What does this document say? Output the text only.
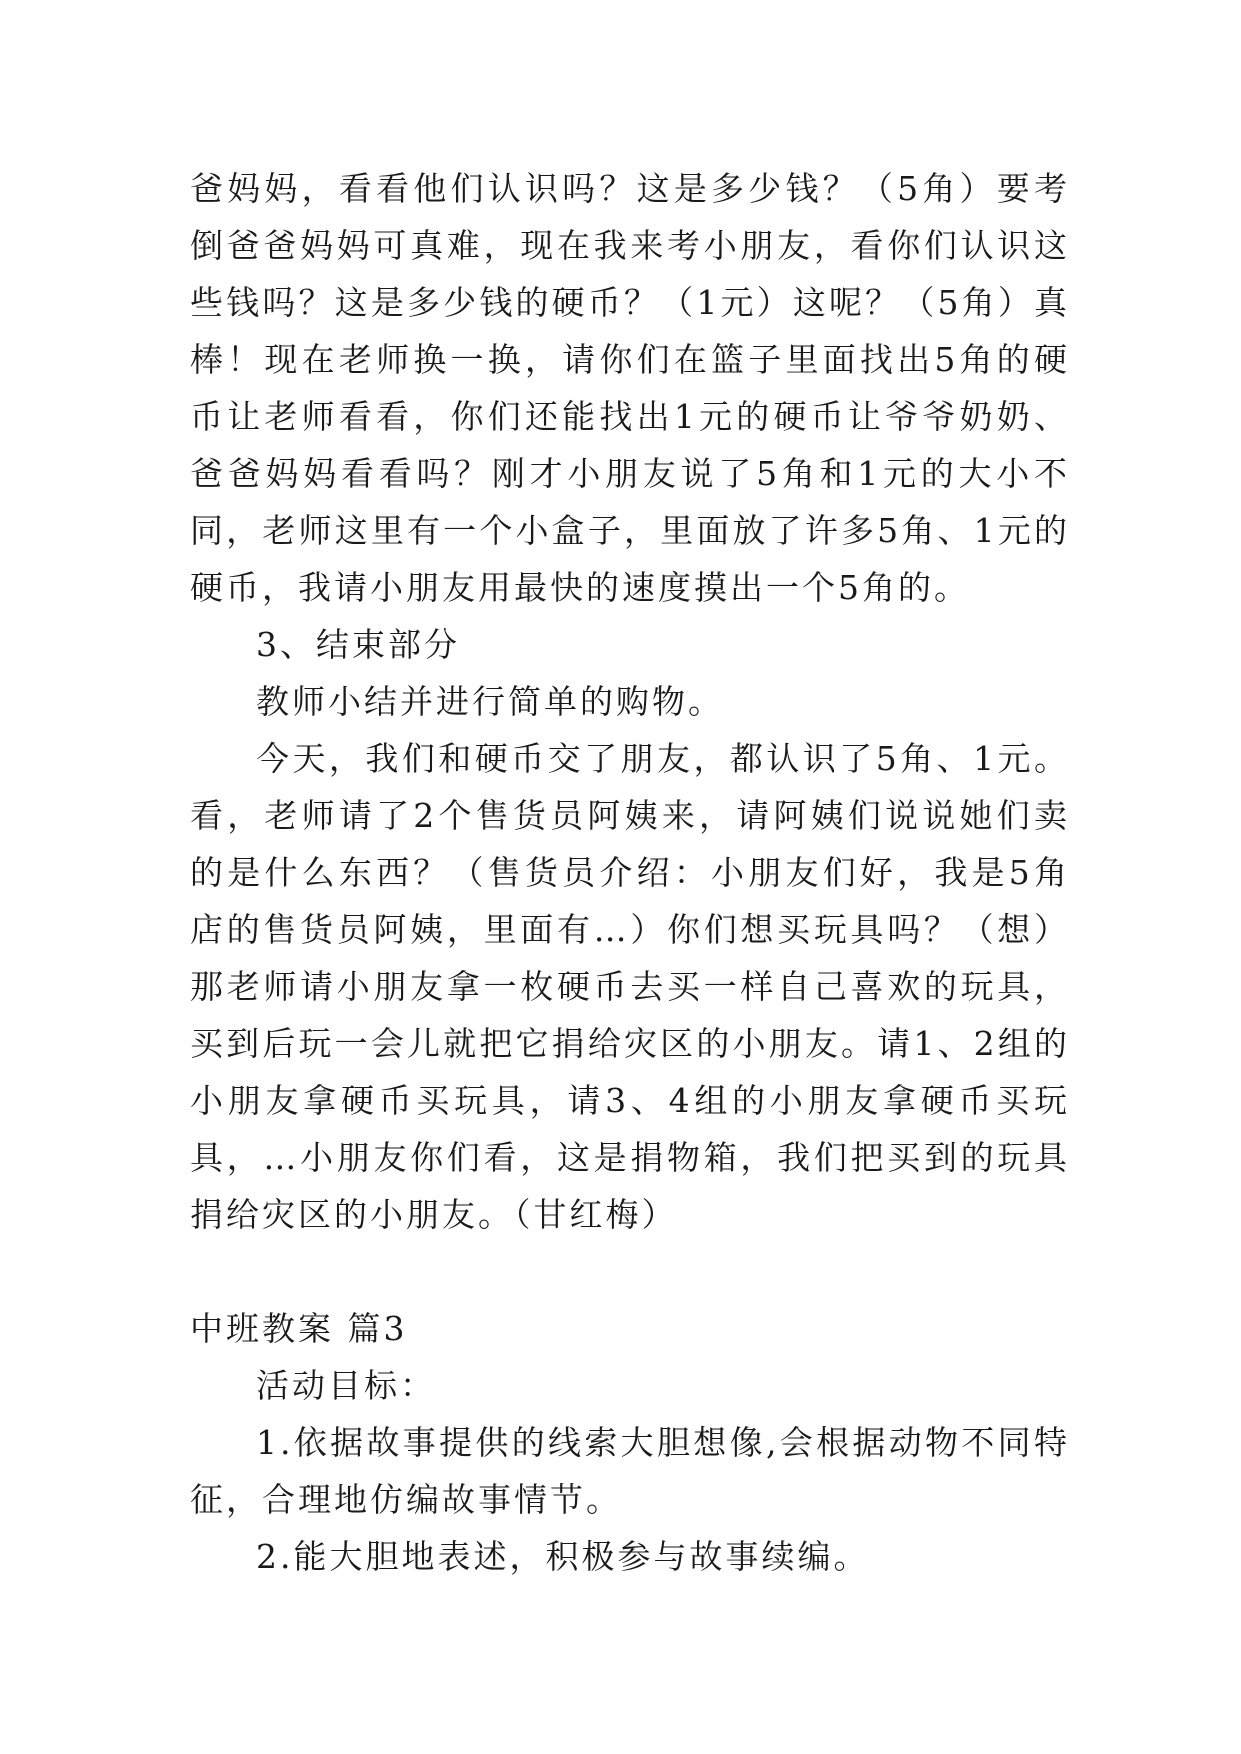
爸妈妈，看看他们认识吗？这是多少钱？（5角）要考倒爸爸妈妈可真难，现在我来考小朋友，看你们认识这些钱吗？这是多少钱的硬币？（1元）这呢？（5角）真棒！现在老师换一换，请你们在篮子里面找出5角的硬币让老师看看，你们还能找出1元的硬币让爷爷奶奶、爸爸妈妈看看吗？刚才小朋友说了5角和1元的大小不同，老师这里有一个小盒子，里面放了许多5角、1元的硬币，我请小朋友用最快的速度摸出一个5角的。

3、结束部分

教师小结并进行简单的购物。

今天，我们和硬币交了朋友，都认识了5角、1元。看，老师请了2个售货员阿姨来，请阿姨们说说她们卖的是什么东西？（售货员介绍：小朋友们好，我是5角店的售货员阿姨，里面有…）你们想买玩具吗？（想）那老师请小朋友拿一枚硬币去买一样自己喜欢的玩具，买到后玩一会儿就把它捐给灾区的小朋友。请1、2组的小朋友拿硬币买玩具，请3、4组的小朋友拿硬币买玩具，…小朋友你们看，这是捐物箱，我们把买到的玩具捐给灾区的小朋友。（甘红梅）

中班教案 篇3

活动目标：

1.依据故事提供的线索大胆想像,会根据动物不同特征，合理地仿编故事情节。

2.能大胆地表述，积极参与故事续编。
